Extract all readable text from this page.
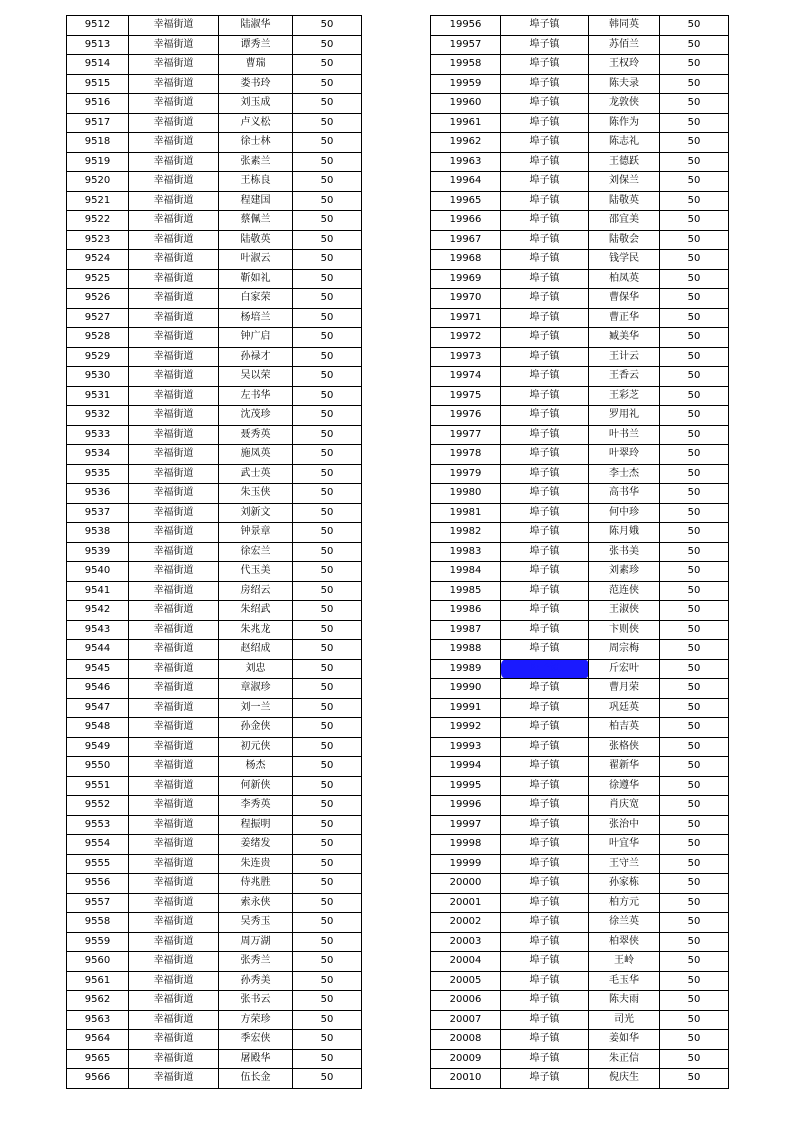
9512	幸福街道	陆淑华	50
9513	幸福街道	谭秀兰	50
9514	幸福街道	曹瑞	50
9515	幸福街道	娄书玲	50
9516	幸福街道	刘玉成	50
9517	幸福街道	卢义松	50
9518	幸福街道	徐士林	50
9519	幸福街道	张素兰	50
9520	幸福街道	王栋良	50
9521	幸福街道	程建国	50
9522	幸福街道	蔡佩兰	50
9523	幸福街道	陆敬英	50
9524	幸福街道	叶淑云	50
9525	幸福街道	靳如礼	50
9526	幸福街道	白家荣	50
9527	幸福街道	杨培兰	50
9528	幸福街道	钟广启	50
9529	幸福街道	孙禄才	50
9530	幸福街道	吴以荣	50
9531	幸福街道	左书华	50
9532	幸福街道	沈茂珍	50
9533	幸福街道	聂秀英	50
9534	幸福街道	施凤英	50
9535	幸福街道	武士英	50
9536	幸福街道	朱玉侠	50
9537	幸福街道	刘新文	50
9538	幸福街道	钟景章	50
9539	幸福街道	徐宏兰	50
9540	幸福街道	代玉美	50
9541	幸福街道	房绍云	50
9542	幸福街道	朱绍武	50
9543	幸福街道	朱兆龙	50
9544	幸福街道	赵绍成	50
9545	幸福街道	刘忠	50
9546	幸福街道	章淑珍	50
9547	幸福街道	刘一兰	50
9548	幸福街道	孙金侠	50
9549	幸福街道	初元侠	50
9550	幸福街道	杨杰	50
9551	幸福街道	何新侠	50
9552	幸福街道	李秀英	50
9553	幸福街道	程振明	50
9554	幸福街道	姜绪发	50
9555	幸福街道	朱连贵	50
9556	幸福街道	侍兆胜	50
9557	幸福街道	索永侠	50
9558	幸福街道	吴秀玉	50
9559	幸福街道	周万湖	50
9560	幸福街道	张秀兰	50
9561	幸福街道	孙秀美	50
9562	幸福街道	张书云	50
9563	幸福街道	方荣珍	50
9564	幸福街道	季宏侠	50
9565	幸福街道	屠殿华	50
9566	幸福街道	伍长金	50
19956	埠子镇	韩同英	50
19957	埠子镇	苏佰兰	50
19958	埠子镇	王权玲	50
19959	埠子镇	陈夫录	50
19960	埠子镇	龙敦侠	50
19961	埠子镇	陈作为	50
19962	埠子镇	陈志礼	50
19963	埠子镇	王德跃	50
19964	埠子镇	刘保兰	50
19965	埠子镇	陆敬英	50
19966	埠子镇	邵宜美	50
19967	埠子镇	陆敬会	50
19968	埠子镇	钱学民	50
19969	埠子镇	柏凤英	50
19970	埠子镇	曹保华	50
19971	埠子镇	曹正华	50
19972	埠子镇	臧美华	50
19973	埠子镇	王计云	50
19974	埠子镇	王香云	50
19975	埠子镇	王彩芝	50
19976	埠子镇	罗用礼	50
19977	埠子镇	叶书兰	50
19978	埠子镇	叶翠玲	50
19979	埠子镇	李士杰	50
19980	埠子镇	高书华	50
19981	埠子镇	何中珍	50
19982	埠子镇	陈月娥	50
19983	埠子镇	张书美	50
19984	埠子镇	刘素珍	50
19985	埠子镇	范连侠	50
19986	埠子镇	王淑侠	50
19987	埠子镇	卞则侠	50
19988	埠子镇	周宗梅	50
19989	埠子镇	斤宏叶	50
19990	埠子镇	曹月荣	50
19991	埠子镇	巩廷英	50
19992	埠子镇	柏吉英	50
19993	埠子镇	张格侠	50
19994	埠子镇	翟新华	50
19995	埠子镇	徐遵华	50
19996	埠子镇	肖庆宽	50
19997	埠子镇	张治中	50
19998	埠子镇	叶宜华	50
19999	埠子镇	王守兰	50
20000	埠子镇	孙家栋	50
20001	埠子镇	柏方元	50
20002	埠子镇	徐兰英	50
20003	埠子镇	柏翠侠	50
20004	埠子镇	王岭	50
20005	埠子镇	毛玉华	50
20006	埠子镇	陈夫雨	50
20007	埠子镇	司光	50
20008	埠子镇	姜如华	50
20009	埠子镇	朱正信	50
20010	埠子镇	倪庆生	50
